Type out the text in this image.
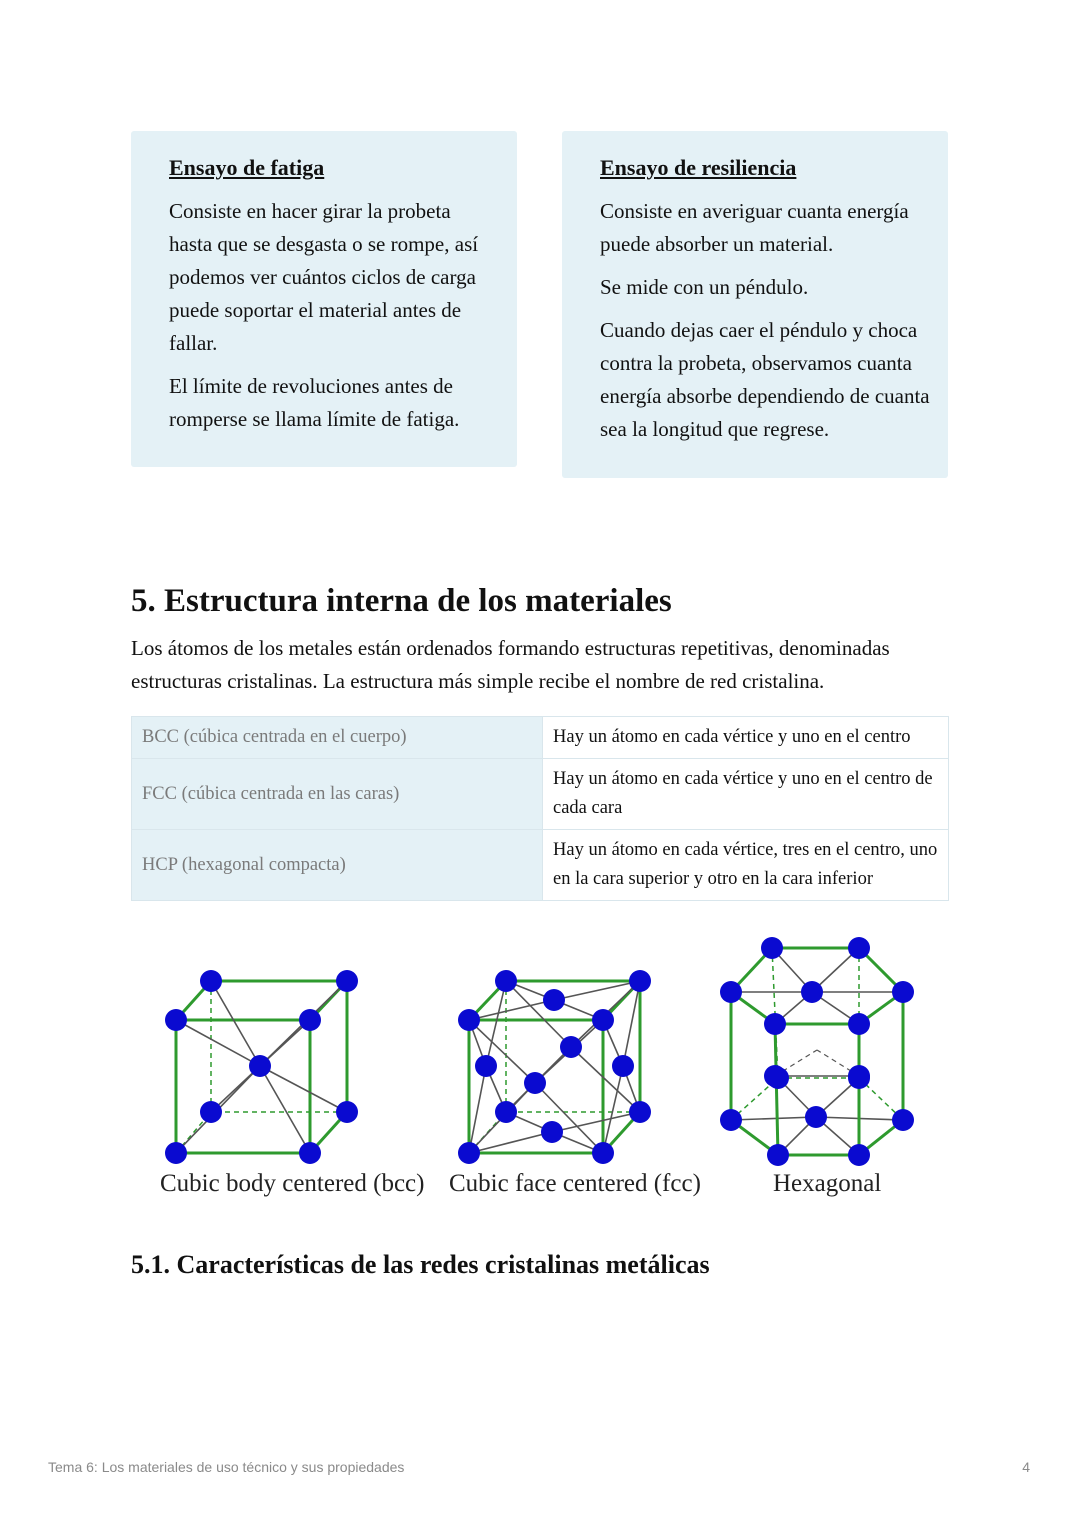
Ensayo de fatiga

Consiste en hacer girar la probeta hasta que se desgasta o se rompe, así podemos ver cuántos ciclos de carga puede soportar el material antes de fallar.

El límite de revoluciones antes de romperse se llama límite de fatiga.

Ensayo de resiliencia

Consiste en averiguar cuanta energía puede absorber un material.

Se mide con un péndulo.

Cuando dejas caer el péndulo y choca contra la probeta, observamos cuanta energía absorbe dependiendo de cuanta sea la longitud que regrese.

5. Estructura interna de los materiales

Los átomos de los metales están ordenados formando estructuras repetitivas, denominadas estructuras cristalinas. La estructura más simple recibe el nombre de red cristalina.

BCC (cúbica centrada en el cuerpo)	Hay un átomo en cada vértice y uno en el centro
FCC (cúbica centrada en las caras)	Hay un átomo en cada vértice y uno en el centro de cada cara
HCP (hexagonal compacta)	Hay un átomo en cada vértice, tres en el centro, uno en la cara superior y otro en la cara inferior
Cubic body centered (bcc) Cubic face centered (fcc)	Hexagonal
5.1. Características de las redes cristalinas metálicas
Tema 6: Los materiales de uso técnico y sus propiedades	4
